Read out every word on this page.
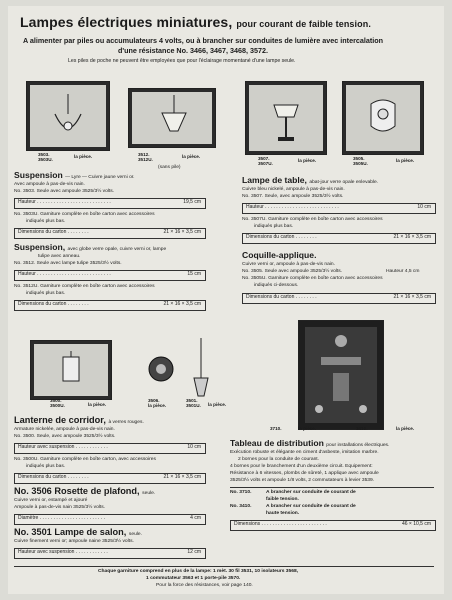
Lampes électriques miniatures, pour courant de faible tension.
A alimenter par piles ou accumulateurs 4 volts, ou à brancher sur conduites de lumière avec intercalation
d'une résistance No. 3466, 3467, 3468, 3572.
Les piles de poche ne peuvent être employées que pour l'éclairage momentané d'une lampe seule.
3503.
3503U.
la pièce.	3512.
3512U.
la pièce.
(sans pile)
3507.
3507U.
la pièce.	3505.
3505U.
la pièce.
Suspension — Lyre — Cuivre jaune verni or.
Avec ampoule à pas-de-vis nain.
No. 3503. Seule avec ampoule 3525/3½ volts.
Hauteur . . . . . . . . . . . . . . . . . . . . . . . . . . .	19,5 cm
No. 3503U. Garniture complète en boîte carton avec accessoires
indiqués plus bas.
Dimensions du carton . . . . . . . .	21 × 16 × 3,5 cm
Suspension, avec globe verre opale, cuivre verni or, lampe
tulipe avec anneau.
No. 3512. Seule avec lampe tulipe 3525/3½ volts.
Hauteur . . . . . . . . . . . . . . . . . . . . . . . . . . .	15 cm
No. 3512U. Garniture complète en boîte carton avec accessoires
indiqués plus bas.
Dimensions du carton . . . . . . . .	21 × 16 × 3,5 cm
Lampe de table, abat-jour verre opale enlevable.
Cuivre bleu nickelé, ampoule à pas-de-vis nain.
No. 3507. Seule, avec ampoule 3525/3½ volts.
Hauteur . . . . . . . . . . . . . . . . . . . . . . . . . . .	10 cm
No. 3507U. Garniture complète en boîte carton avec accessoires
indiqués plus bas.
Dimensions du carton . . . . . . . .	21 × 16 × 3,5 cm
Coquille-applique.
Cuivre verni or, ampoule à pas-de-vis nain.
No. 3505. Seule avec ampoule 3525/3½ volts.	Hauteur 4,5 cm
No. 3505U. Garniture complète en boîte carton avec accessoires
indiqués ci-dessous.
Dimensions du carton . . . . . . . .	21 × 16 × 3,5 cm
3500.
3500U.	la pièce.
3506.
la pièce.
3501.
3501U. la pièce.
Lanterne de corridor, à verres rouges.
Armature nickelée, ampoule à pas-de-vis nain.
No. 3500. Seule, avec ampoule 3525/3½ volts.
Hauteur avec suspension . . . . . . . . . . . .	10 cm
No. 3500U. Garniture complète en boîte carton, avec accessoires
indiqués plus bas.
Dimensions du carton . . . . . . . .	21 × 16 × 3,5 cm
No. 3506 Rosette de plafond, seule.
Cuivre verni or, estampé et ajouré
Ampoule à pas-de-vis nain 3525/3½ volts.
Diamètre . . . . . . . . . . . . . . . . . . . . . . . .	4 cm
No. 3501 Lampe de salon, seule.
Cuivre finement verni or; ampoule naine 3525/3½ volts.
Hauteur avec suspension . . . . . . . . . . . .	12 cm
3710.	la pièce.	3410.	la pièce.
Tableau de distribution pour installations électriques.
Exécution robuste et élégante en ciment d'asbeste, imitation marbre.
2 bornes pour la conduite de courant.
4 bornes pour le branchement d'un deuxième circuit. Equipement:
Résistance à 6 vitesses, plombs de sûreté, 1 applique avec ampoule
3525/3½ volts et ampoule 1/8 volts, 2 commutateurs à levier 3539.
No. 3710.	A brancher sur conduite de courant de
faible tension.
No. 3410.	A brancher sur conduite de courant de
haute tension.
Dimensions . . . . . . . . . . . . . . . . . . . . . . . .	46 × 10,5 cm
Chaque garniture comprend en plus de la lampe: 1 mèt. 30 fil 3531, 10 isolateurs 3568,
1 commutateur 3563 et 1 porte-pile 3570.
Pour la force des résistances, voir page 140.
